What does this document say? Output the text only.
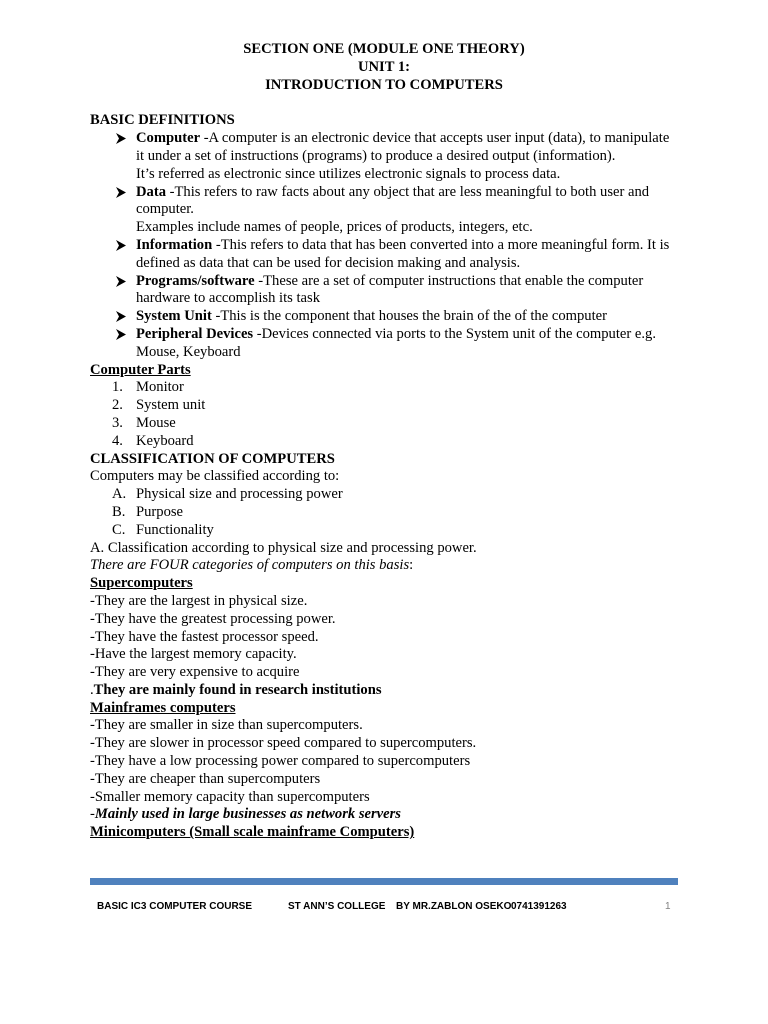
SECTION ONE (MODULE ONE THEORY)

UNIT 1:

INTRODUCTION TO COMPUTERS

BASIC DEFINITIONS

Computer -A computer is an electronic device that accepts user input (data), to manipulate it under a set of instructions (programs) to produce a desired output (information).
It’s referred as electronic since utilizes electronic signals to process data.
Data -This refers to raw facts about any object that are less meaningful to both user and computer.
Examples include names of people, prices of products, integers, etc.
Information -This refers to data that has been converted into a more meaningful form. It is defined as data that can be used for decision making and analysis.
Programs/software -These are a set of computer instructions that enable the computer hardware to accomplish its task
System Unit -This is the component that houses the brain of the of the computer
Peripheral Devices -Devices connected via ports to the System unit of the computer e.g. Mouse, Keyboard

Computer Parts

1. Monitor
2. System unit
3. Mouse
4. Keyboard

CLASSIFICATION OF COMPUTERS

Computers may be classified according to:

A. Physical size and processing power
B. Purpose
C. Functionality

A. Classification according to physical size and processing power.

There are FOUR categories of computers on this basis:

Supercomputers

-They are the largest in physical size.

-They have the greatest processing power.

-They have the fastest processor speed.

-Have the largest memory capacity.

-They are very expensive to acquire

.They are mainly found in research institutions

Mainframes computers

-They are smaller in size than supercomputers.

-They are slower in processor speed compared to supercomputers.

-They have a low processing power compared to supercomputers

-They are cheaper than supercomputers

-Smaller memory capacity than supercomputers

-Mainly used in large businesses as network servers

Minicomputers (Small scale mainframe Computers)

BASIC IC3 COMPUTER COURSE	ST ANN’S COLLEGE BY MR.ZABLON OSEKO 0741391263	1
